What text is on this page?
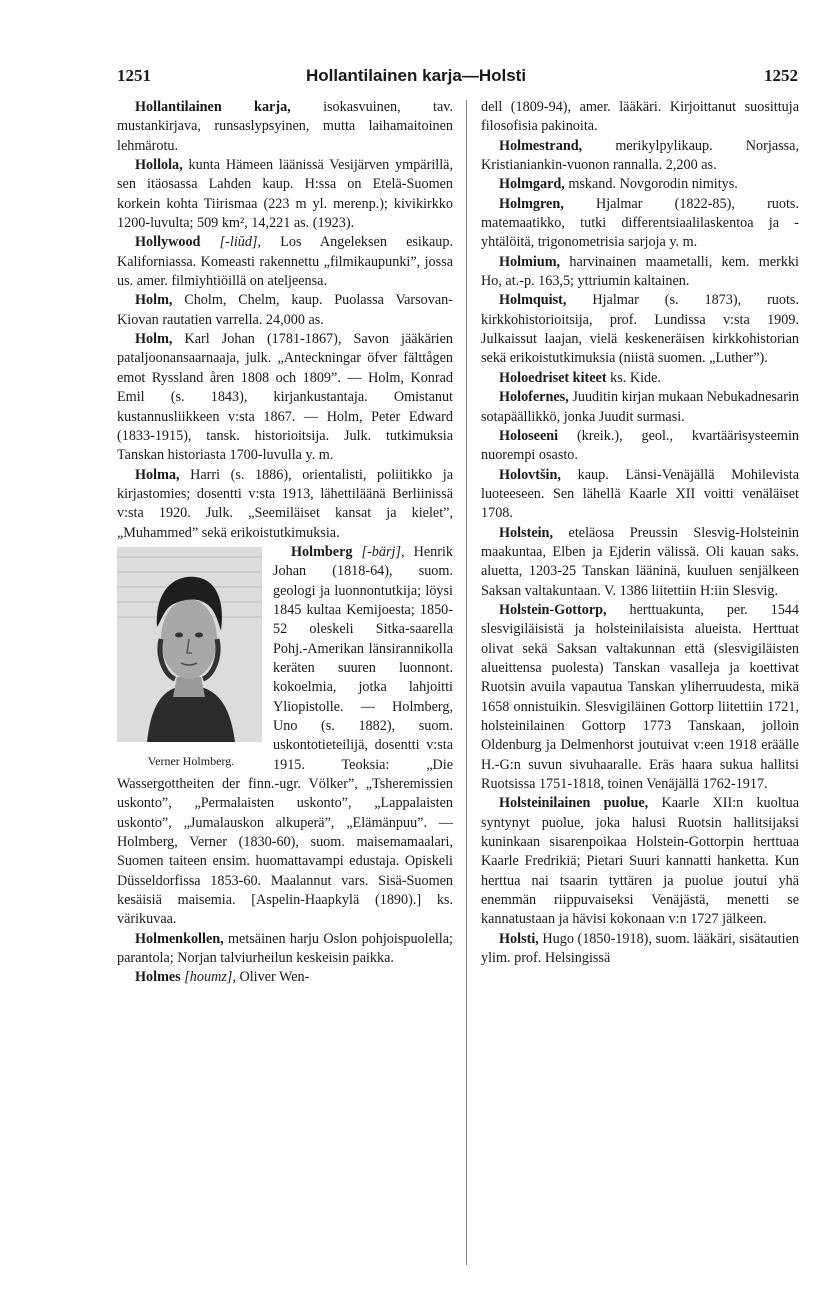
1251	Hollantilainen karja—Holsti	1252

Hollantilainen karja, isokasvuinen, tav. mustankirjava, runsaslypsyinen, mutta laihamaitoinen lehmärotu.

Hollola, kunta Hämeen läänissä Vesijärven ympärillä, sen itäosassa Lahden kaup. H:ssa on Etelä-Suomen korkein kohta Tiirismaa (223 m yl. merenp.); kivikirkko 1200-luvulta; 509 km², 14,221 as. (1923).

Hollywood [-liŭd], Los Angeleksen esikaup. Kaliforniassa. Komeasti rakennettu „filmikaupunki”, jossa us. amer. filmiyhtiöillä on ateljeensa.

Holm, Cholm, Chelm, kaup. Puolassa Varsovan-Kiovan rautatien varrella. 24,000 as.

Holm, Karl Johan (1781-1867), Savon jääkärien pataljoonansaarnaaja, julk. „Anteckningar öfver fälttågen emot Ryssland åren 1808 och 1809”. — Holm, Konrad Emil (s. 1843), kirjankustantaja. Omistanut kustannusliikkeen v:sta 1867. — Holm, Peter Edward (1833-1915), tansk. historioitsija. Julk. tutkimuksia Tanskan historiasta 1700-luvulla y. m.

Holma, Harri (s. 1886), orientalisti, poliitikko ja kirjastomies; dosentti v:sta 1913, lähettiläänä Berliinissä v:sta 1920. Julk. „Seemiläiset kansat ja kielet”, „Muhammed” sekä erikoistutkimuksia.

Verner Holmberg.

Holmberg [-bärj], Henrik Johan (1818-64), suom. geologi ja luonnontutkija; löysi 1845 kultaa Kemijoesta; 1850-52 oleskeli Sitka-saarella Pohj.-Amerikan länsirannikolla keräten suuren luonnont. kokoelmia, jotka lahjoitti Yliopistolle. — Holmberg, Uno (s. 1882), suom. uskontotieteilijä, dosentti v:sta 1915. Teoksia: „Die Wassergottheiten der finn.-ugr. Völker”, „Tsheremissien uskonto”, „Permalaisten uskonto”, „Lappalaisten uskonto”, „Jumalauskon alkuperä”, „Elämänpuu”. — Holmberg, Verner (1830-60), suom. maisemamaalari, Suomen taiteen ensim. huomattavampi edustaja. Opiskeli Düsseldorfissa 1853-60. Maalannut vars. Sisä-Suomen kesäisiä maisemia. [Aspelin-Haapkylä (1890).] ks. värikuvaa.

Holmenkollen, metsäinen harju Oslon pohjoispuolella; parantola; Norjan talviurheilun keskeisin paikka.

Holmes [houmz], Oliver Wen-

dell (1809-94), amer. lääkäri. Kirjoittanut suosittuja filosofisia pakinoita.

Holmestrand, merikylpylikaup. Norjassa, Kristianiankin-vuonon rannalla. 2,200 as.

Holmgard, mskand. Novgorodin nimitys.

Holmgren, Hjalmar (1822-85), ruots. matemaatikko, tutki differentsiaalilaskentoa ja -yhtälöitä, trigonometrisia sarjoja y. m.

Holmium, harvinainen maametalli, kem. merkki Ho, at.-p. 163,5; yttriumin kaltainen.

Holmquist, Hjalmar (s. 1873), ruots. kirkkohistorioitsija, prof. Lundissa v:sta 1909. Julkaissut laajan, vielä keskeneräisen kirkkohistorian sekä erikoistutkimuksia (niistä suomen. „Luther”).

Holoedriset kiteet ks. Kide.

Holofernes, Juuditin kirjan mukaan Nebukadnesarin sotapäällikkö, jonka Juudit surmasi.

Holoseeni (kreik.), geol., kvartäärisysteemin nuorempi osasto.

Holovtšin, kaup. Länsi-Venäjällä Mohilevista luoteeseen. Sen lähellä Kaarle XII voitti venäläiset 1708.

Holstein, eteläosa Preussin Slesvig-Holsteinin maakuntaa, Elben ja Ejderin välissä. Oli kauan saks. aluetta, 1203-25 Tanskan lääninä, kuuluen senjälkeen Saksan valtakuntaan. V. 1386 liitettiin H:iin Slesvig.

Holstein-Gottorp, herttuakunta, per. 1544 slesvigiläisistä ja holsteinilaisista alueista. Herttuat olivat sekä Saksan valtakunnan että (slesvigiläisten alueittensa puolesta) Tanskan vasalleja ja koettivat Ruotsin avuila vapautua Tanskan yliherruudesta, mikä 1658 onnistuikin. Slesvigiläinen Gottorp liitettiin 1721, holsteinilainen Gottorp 1773 Tanskaan, jolloin Oldenburg ja Delmenhorst joutuivat v:een 1918 eräälle H.-G:n suvun sivuhaaralle. Eräs haara sukua hallitsi Ruotsissa 1751-1818, toinen Venäjällä 1762-1917.

Holsteinilainen puolue, Kaarle XII:n kuoltua syntynyt puolue, joka halusi Ruotsin hallitsijaksi kuninkaan sisarenpoikaa Holstein-Gottorpin herttuaa Kaarle Fredrikiä; Pietari Suuri kannatti hanketta. Kun herttua nai tsaarin tyttären ja puolue joutui yhä enemmän riippuvaiseksi Venäjästä, menetti se kannatustaan ja hävisi kokonaan v:n 1727 jälkeen.

Holsti, Hugo (1850-1918), suom. lääkäri, sisätautien ylim. prof. Helsingissä
